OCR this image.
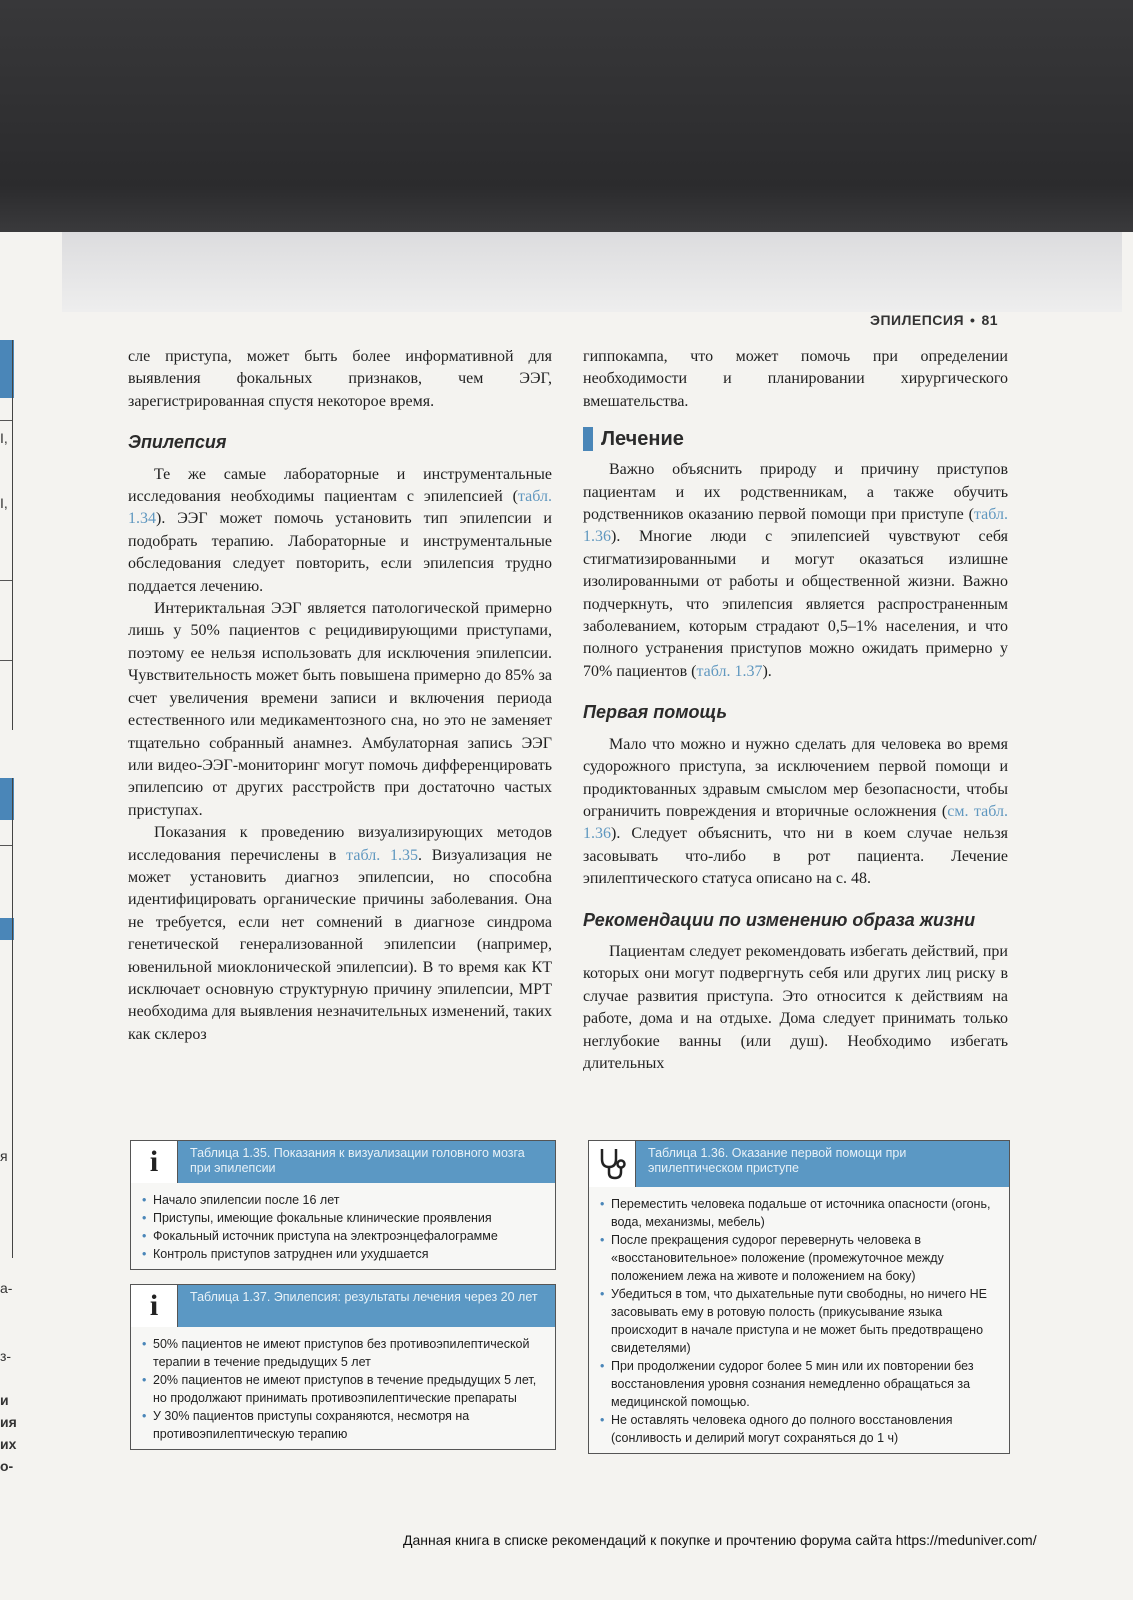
I,
I,
я
а-
з-
и
ия
их
о-
ЭПИЛЕПСИЯ • 81

сле приступа, может быть более информативной для выявления фокальных признаков, чем ЭЭГ, зарегистрированная спустя некоторое время.

Эпилепсия

Те же самые лабораторные и инструментальные исследования необходимы пациентам с эпилепсией (табл. 1.34). ЭЭГ может помочь установить тип эпилепсии и подобрать терапию. Лабораторные и инструментальные обследования следует повторить, если эпилепсия трудно поддается лечению.

Интериктальная ЭЭГ является патологической примерно лишь у 50% пациентов с рецидивирующими приступами, поэтому ее нельзя использовать для исключения эпилепсии. Чувствительность может быть повышена примерно до 85% за счет увеличения времени записи и включения периода естественного или медикаментозного сна, но это не заменяет тщательно собранный анамнез. Амбулаторная запись ЭЭГ или видео-ЭЭГ-мониторинг могут помочь дифференцировать эпилепсию от других расстройств при достаточно частых приступах.

Показания к проведению визуализирующих методов исследования перечислены в табл. 1.35. Визуализация не может установить диагноз эпилепсии, но способна идентифицировать органические причины заболевания. Она не требуется, если нет сомнений в диагнозе синдрома генетической генерализованной эпилепсии (например, ювенильной миоклонической эпилепсии). В то время как КТ исключает основную структурную причину эпилепсии, МРТ необходима для выявления незначительных изменений, таких как склероз

гиппокампа, что может помочь при определении необходимости и планировании хирургического вмешательства.

Лечение

Важно объяснить природу и причину приступов пациентам и их родственникам, а также обучить родственников оказанию первой помощи при приступе (табл. 1.36). Многие люди с эпилепсией чувствуют себя стигматизированными и могут оказаться излишне изолированными от работы и общественной жизни. Важно подчеркнуть, что эпилепсия является распространенным заболеванием, которым страдают 0,5–1% населения, и что полного устранения приступов можно ожидать примерно у 70% пациентов (табл. 1.37).

Первая помощь

Мало что можно и нужно сделать для человека во время судорожного приступа, за исключением первой помощи и продиктованных здравым смыслом мер безопасности, чтобы ограничить повреждения и вторичные осложнения (см. табл. 1.36). Следует объяснить, что ни в коем случае нельзя засовывать что-либо в рот пациента. Лечение эпилептического статуса описано на с. 48.

Рекомендации по изменению образа жизни

Пациентам следует рекомендовать избегать действий, при которых они могут подвергнуть себя или других лиц риску в случае развития приступа. Это относится к действиям на работе, дома и на отдыхе. Дома следует принимать только неглубокие ванны (или душ). Необходимо избегать длительных

i	Таблица 1.35. Показания к визуализации головного мозга при эпилепсии
• Начало эпилепсии после 16 лет
• Приступы, имеющие фокальные клинические проявления
• Фокальный источник приступа на электроэнцефалограмме
• Контроль приступов затруднен или ухудшается
i	Таблица 1.37. Эпилепсия: результаты лечения через 20 лет
• 50% пациентов не имеют приступов без противоэпилептической терапии в течение предыдущих 5 лет
• 20% пациентов не имеют приступов в течение предыдущих 5 лет, но продолжают принимать противоэпилептические препараты
• У 30% пациентов приступы сохраняются, несмотря на противоэпилептическую терапию
Таблица 1.36. Оказание первой помощи при эпилептическом приступе
• Переместить человека подальше от источника опасности (огонь, вода, механизмы, мебель)
• После прекращения судорог перевернуть человека в «восстановительное» положение (промежуточное между положением лежа на животе и положением на боку)
• Убедиться в том, что дыхательные пути свободны, но ничего НЕ засовывать ему в ротовую полость (прикусывание языка происходит в начале приступа и не может быть предотвращено свидетелями)
• При продолжении судорог более 5 мин или их повторении без восстановления уровня сознания немедленно обращаться за медицинской помощью.
• Не оставлять человека одного до полного восстановления (сонливость и делирий могут сохраняться до 1 ч)
Данная книга в списке рекомендаций к покупке и прочтению форума сайта https://meduniver.com/
